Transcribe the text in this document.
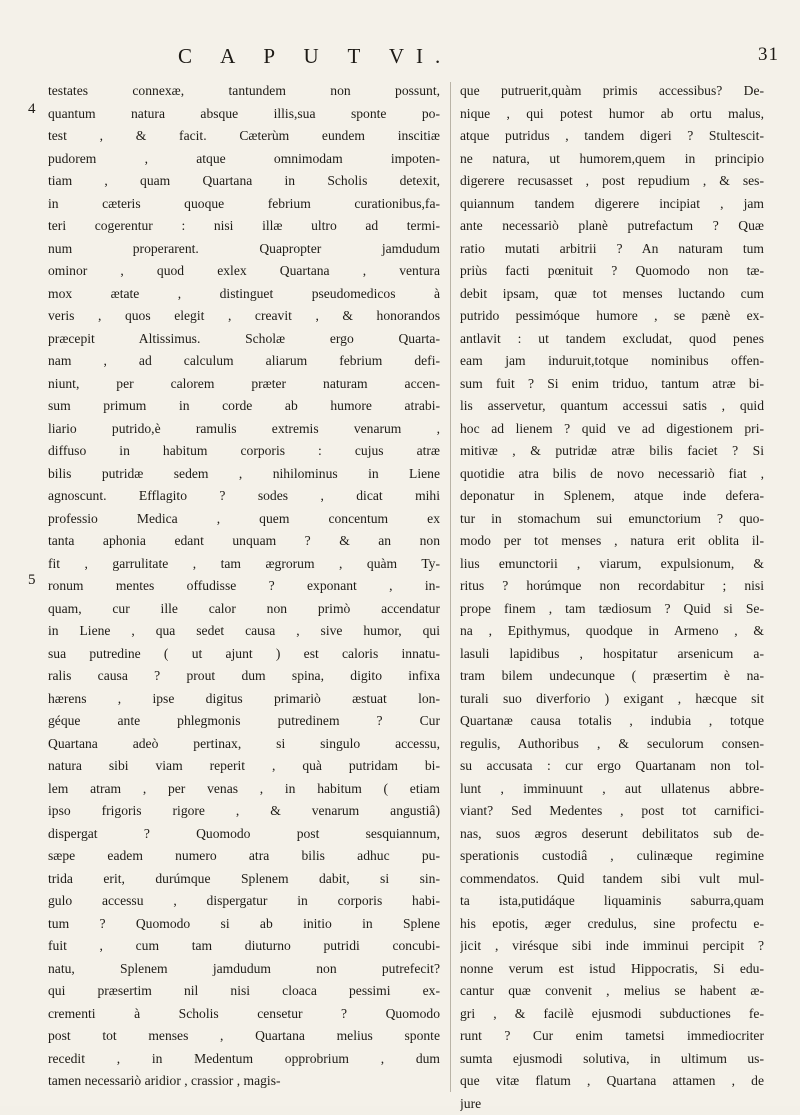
C A P U T VI.	31
4
5
testates connexæ, tantundem non possunt,
quantum natura absque illis,sua sponte po-
test , & facit. Cæterùm eundem inscitiæ
pudorem , atque omnimodam impoten-
tiam , quam Quartana in Scholis detexit,
in cæteris quoque febrium curationibus,fa-
teri cogerentur : nisi illæ ultro ad termi-
num properarent. Quapropter jamdudum
ominor , quod exlex Quartana , ventura
mox ætate , distinguet pseudomedicos à
veris , quos elegit , creavit , & honorandos
præcepit Altissimus. Scholæ ergo Quarta-
nam , ad calculum aliarum febrium defi-
niunt, per calorem præter naturam accen-
sum primum in corde ab humore atrabi-
liario putrido,è ramulis extremis venarum ,
diffuso in habitum corporis : cujus atræ
bilis putridæ sedem , nihilominus in Liene
agnoscunt. Efflagito ? sodes , dicat mihi
professio Medica , quem concentum ex
tanta aphonia edant unquam ? & an non
fit , garrulitate , tam ægrorum , quàm Ty-
ronum mentes offudisse ? exponant , in-
quam, cur ille calor non primò accendatur
in Liene , qua sedet causa , sive humor, qui
sua putredine ( ut ajunt ) est caloris innatu-
ralis causa ? prout dum spina, digito infixa
hærens , ipse digitus primariò æstuat lon-
géque ante phlegmonis putredinem ? Cur
Quartana adeò pertinax, si singulo accessu,
natura sibi viam reperit , quà putridam bi-
lem atram , per venas , in habitum ( etiam
ipso frigoris rigore , & venarum angustiâ)
dispergat ? Quomodo post sesquiannum,
sæpe eadem numero atra bilis adhuc pu-
trida erit, durúmque Splenem dabit, si sin-
gulo accessu , dispergatur in corporis habi-
tum ? Quomodo si ab initio in Splene
fuit , cum tam diuturno putridi concubi-
natu, Splenem jamdudum non putrefecit?
qui præsertim nil nisi cloaca pessimi ex-
crementi à Scholis censetur ? Quomodo
post tot menses , Quartana melius sponte
recedit , in Medentum opprobrium , dum
tamen necessariò aridior , crassior , magis-
que putruerit,quàm primis accessibus? De-
nique , qui potest humor ab ortu malus,
atque putridus , tandem digeri ? Stultescit-
ne natura, ut humorem,quem in principio
digerere recusasset , post repudium , & ses-
quiannum tandem digerere incipiat , jam
ante necessariò planè putrefactum ? Quæ
ratio mutati arbitrii ? An naturam tum
priùs facti pœnituit ? Quomodo non tæ-
debit ipsam, quæ tot menses luctando cum
putrido pessimóque humore , se pænè ex-
antlavit : ut tandem excludat, quod penes
eam jam induruit,totque nominibus offen-
sum fuit ? Si enim triduo, tantum atræ bi-
lis asservetur, quantum accessui satis , quid
hoc ad lienem ? quid ve ad digestionem pri-
mitivæ , & putridæ atræ bilis faciet ? Si
quotidie atra bilis de novo necessariò fiat ,
deponatur in Splenem, atque inde defera-
tur in stomachum sui emunctorium ? quo-
modo per tot menses , natura erit oblita il-
lius emunctorii , viarum, expulsionum, &
ritus ? horúmque non recordabitur ; nisi
prope finem , tam tædiosum ? Quid si Se-
na , Epithymus, quodque in Armeno , &
lasuli lapidibus , hospitatur arsenicum a-
tram bilem undecunque ( præsertim è na-
turali suo diverforio ) exigant , hæcque sit
Quartanæ causa totalis , indubia , totque
regulis, Authoribus , & seculorum consen-
su accusata : cur ergo Quartanam non tol-
lunt , imminuunt , aut ullatenus abbre-
viant? Sed Medentes , post tot carnifici-
nas, suos ægros deserunt debilitatos sub de-
sperationis custodiâ , culinæque regimine
commendatos. Quid tandem sibi vult mul-
ta ista,putidáque liquaminis saburra,quam
his epotis, æger credulus, sine profectu e-
jicit , virésque sibi inde imminui percipit ?
nonne verum est istud Hippocratis, Si edu-
cantur quæ convenit , melius se habent æ-
gri , & facilè ejusmodi subductiones fe-
runt ? Cur enim tametsi immediocriter
sumta ejusmodi solutiva, in ultimum us-
que vitæ flatum , Quartana attamen , de
jure
